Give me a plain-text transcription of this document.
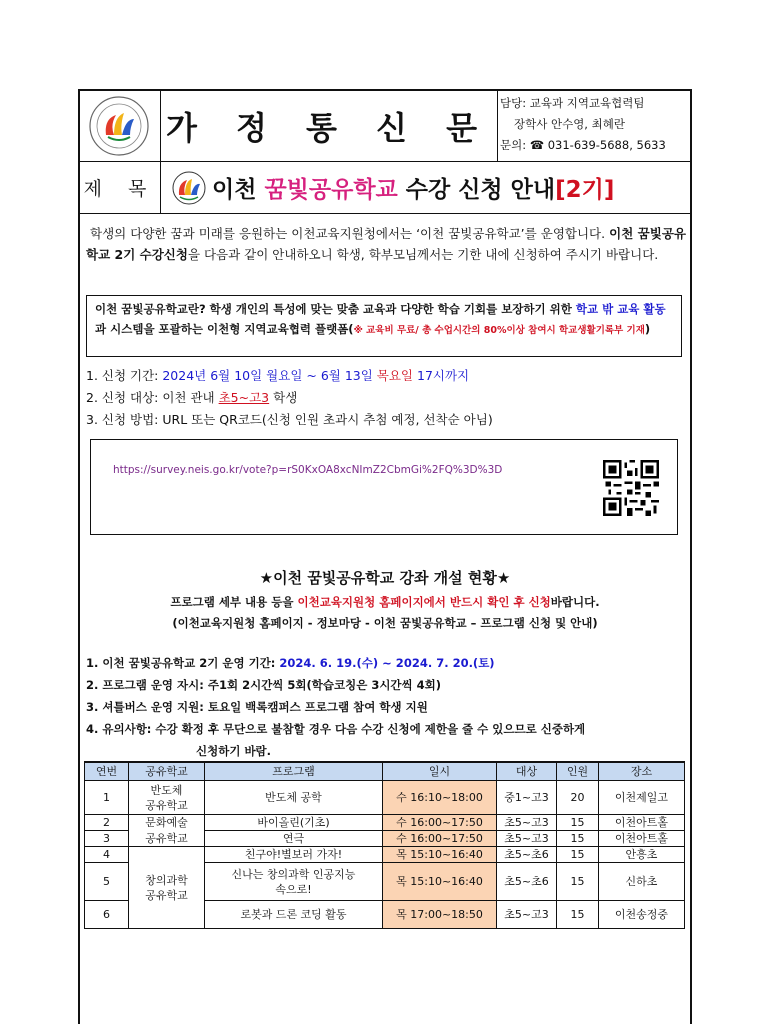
가 정 통 신 문
담당: 교육과 지역교육협력팀
장학사 안수영, 최혜란
문의: ☎ 031-639-5688, 5633
제 목 이천 꿈빛공유학교 수강 신청 안내[2기]
학생의 다양한 꿈과 미래를 응원하는 이천교육지원청에서는 ‘이천 꿈빛공유학교’를 운영합니다. 이천 꿈빛공유학교 2기 수강신청을 다음과 같이 안내하오니 학생, 학부모님께서는 기한 내에 신청하여 주시기 바랍니다.
이천 꿈빛공유학교란? 학생 개인의 특성에 맞는 맞춤 교육과 다양한 학습 기회를 보장하기 위한 학교 밖 교육 활동과 시스템을 포괄하는 이천형 지역교육협력 플랫폼(※ 교육비 무료/ 총 수업시간의 80%이상 참여시 학교생활기록부 기재)
1. 신청 기간: 2024년 6월 10일 월요일 ~ 6월 13일 목요일 17시까지
2. 신청 대상: 이천 관내 초5~고3 학생
3. 신청 방법: URL 또는 QR코드(신청 인원 초과시 추첨 예정, 선착순 아님)
https://survey.neis.go.kr/vote?p=rS0KxOA8xcNImZ2CbmGi%2FQ%3D%3D
★이천 꿈빛공유학교 강좌 개설 현황★
프로그램 세부 내용 등을 이천교육지원청 홈페이지에서 반드시 확인 후 신청바랍니다.
(이천교육지원청 홈페이지 - 정보마당 - 이천 꿈빛공유학교 – 프로그램 신청 및 안내)
1. 이천 꿈빛공유학교 2기 운영 기간: 2024. 6. 19.(수) ~ 2024. 7. 20.(토)
2. 프로그램 운영 자시: 주1회 2시간씩 5회(학습코칭은 3시간씩 4회)
3. 셔틀버스 운영 지원: 토요일 백록캠퍼스 프로그램 참여 학생 지원
4. 유의사항: 수강 확정 후 무단으로 불참할 경우 다음 수강 신청에 제한을 줄 수 있으므로 신중하게
신청하기 바람.
연번	공유학교	프로그램	일시	대상	인원	장소
1	반도체
공유학교	반도체 공학	수 16:10~18:00	중1~고3	20	이천제일고
2	문화예술	바이올린(기초)	수 16:00~17:50	초5~고3	15	이천아트홀
3	공유학교	연극	수 16:00~17:50	초5~고3	15	이천아트홀
4	창의과학
공유학교	친구야!별보러 가자!	목 15:10~16:40	초5~초6	15	안흥초
5		신나는 창의과학 인공지능
속으로!	목 15:10~16:40	초5~초6	15	신하초
6		로봇과 드론 코딩 활동	목 17:00~18:50	초5~고3	15	이천송정중
